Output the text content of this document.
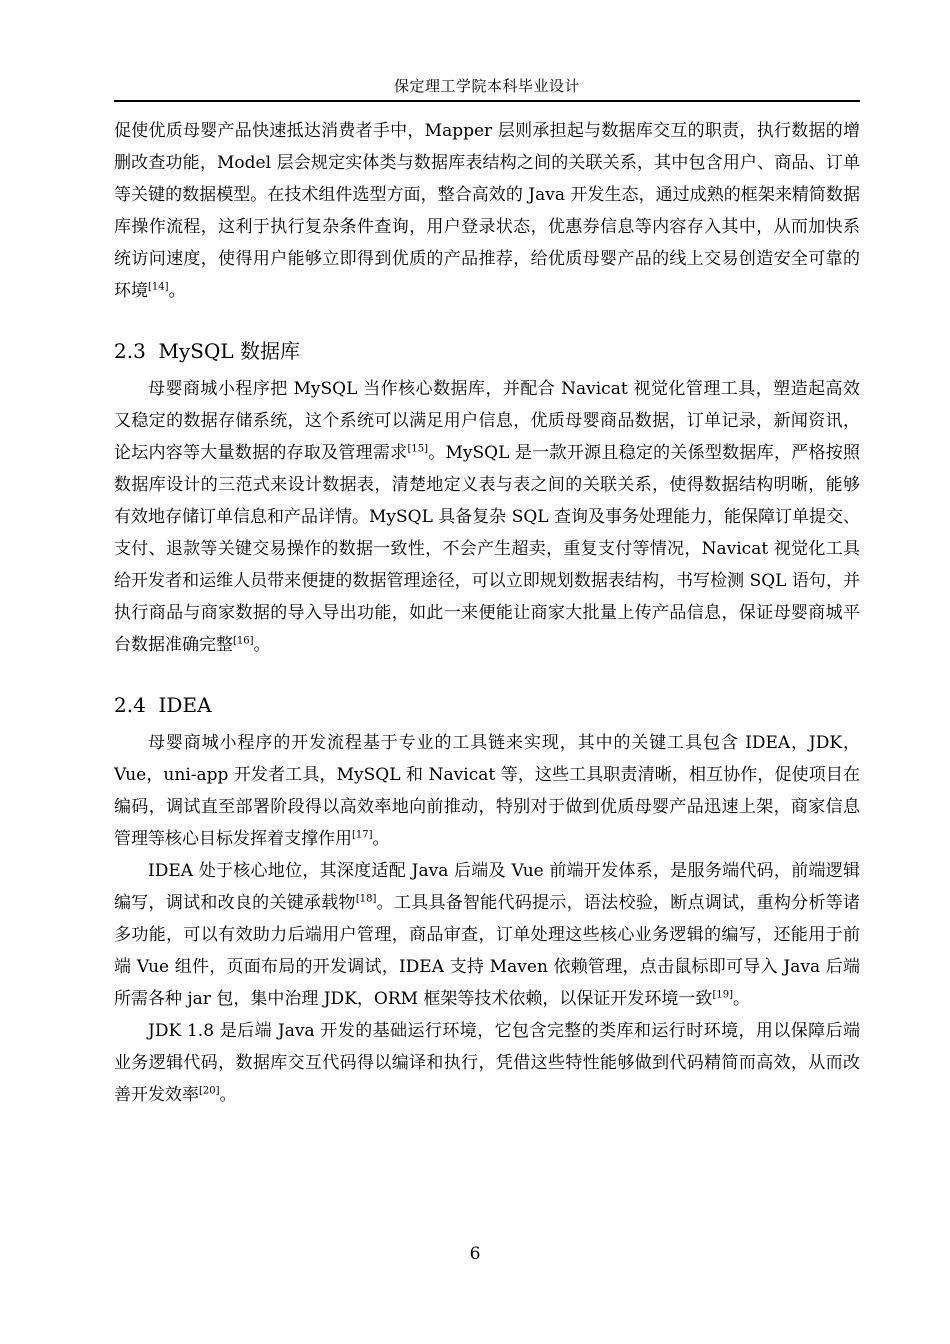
保定理工学院本科毕业设计

促使优质母婴产品快速抵达消费者手中，Mapper 层则承担起与数据库交互的职责，执行数据的增删改查功能，Model 层会规定实体类与数据库表结构之间的关联关系，其中包含用户、商品、订单等关键的数据模型。在技术组件选型方面，整合高效的 Java 开发生态，通过成熟的框架来精简数据库操作流程，这利于执行复杂条件查询，用户登录状态，优惠券信息等内容存入其中，从而加快系统访问速度，使得用户能够立即得到优质的产品推荐，给优质母婴产品的线上交易创造安全可靠的环境[14]。

2.3 MySQL 数据库

母婴商城小程序把 MySQL 当作核心数据库，并配合 Navicat 视觉化管理工具，塑造起高效又稳定的数据存储系统，这个系统可以满足用户信息，优质母婴商品数据，订单记录，新闻资讯，论坛内容等大量数据的存取及管理需求[15]。MySQL 是一款开源且稳定的关係型数据库，严格按照数据库设计的三范式来设计数据表，清楚地定义表与表之间的关联关系，使得数据结构明晰，能够有效地存储订单信息和产品详情。MySQL 具备复杂 SQL 查询及事务处理能力，能保障订单提交、支付、退款等关键交易操作的数据一致性，不会产生超卖，重复支付等情况，Navicat 视觉化工具给开发者和运维人员带来便捷的数据管理途径，可以立即规划数据表结构，书写检测 SQL 语句，并执行商品与商家数据的导入导出功能，如此一来便能让商家大批量上传产品信息，保证母婴商城平台数据准确完整[16]。

2.4 IDEA

母婴商城小程序的开发流程基于专业的工具链来实现，其中的关键工具包含 IDEA，JDK，Vue，uni-app 开发者工具，MySQL 和 Navicat 等，这些工具职责清晰，相互协作，促使项目在编码，调试直至部署阶段得以高效率地向前推动，特别对于做到优质母婴产品迅速上架，商家信息管理等核心目标发挥着支撑作用[17]。

IDEA 处于核心地位，其深度适配 Java 后端及 Vue 前端开发体系，是服务端代码，前端逻辑编写，调试和改良的关键承载物[18]。工具具备智能代码提示，语法校验，断点调试，重构分析等诸多功能，可以有效助力后端用户管理，商品审查，订单处理这些核心业务逻辑的编写，还能用于前端 Vue 组件，页面布局的开发调试，IDEA 支持 Maven 依赖管理，点击鼠标即可导入 Java 后端所需各种 jar 包，集中治理 JDK，ORM 框架等技术依赖，以保证开发环境一致[19]。

JDK 1.8 是后端 Java 开发的基础运行环境，它包含完整的类库和运行时环境，用以保障后端业务逻辑代码，数据库交互代码得以编译和执行，凭借这些特性能够做到代码精简而高效，从而改善开发效率[20]。

6
